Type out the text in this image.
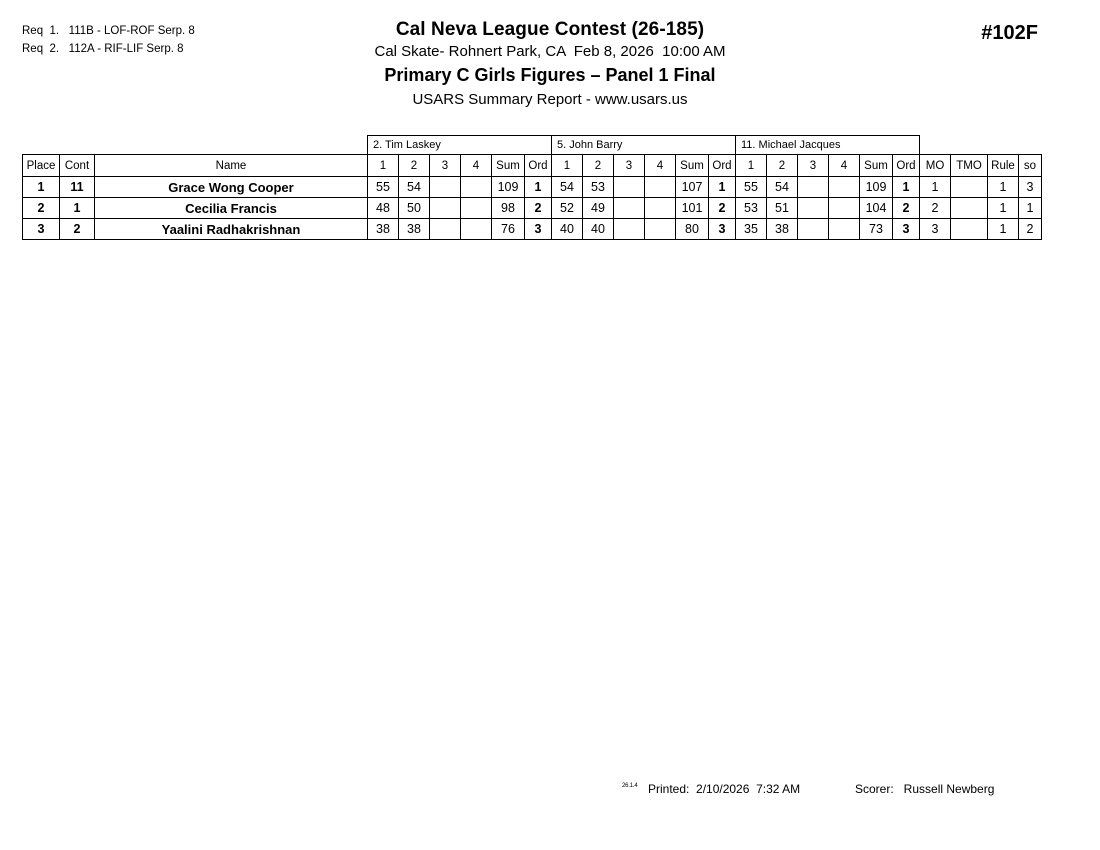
Req  1.   111B - LOF-ROF Serp. 8
Req  2.   112A - RIF-LIF Serp. 8
Cal Neva League Contest (26-185)
Cal Skate- Rohnert Park, CA  Feb 8, 2026  10:00 AM
Primary C Girls Figures – Panel 1 Final
USARS Summary Report - www.usars.us
#102F
			2. Tim Laskey						5. John Barry						11. Michael Jacques									
Place	Cont	Name	1	2	3	4	Sum	Ord	1	2	3	4	Sum	Ord	1	2	3	4	Sum	Ord	MO	TMO	Rule	so
1	11	Grace Wong Cooper	55	54			109	1	54	53			107	1	55	54			109	1	1		1	3
2	1	Cecilia Francis	48	50			98	2	52	49			101	2	53	51			104	2	2		1	1
3	2	Yaalini Radhakrishnan	38	38			76	3	40	40			80	3	35	38			73	3	3		1	2
26.1.4 Printed:  2/10/2026  7:32 AM	Scorer:   Russell Newberg
